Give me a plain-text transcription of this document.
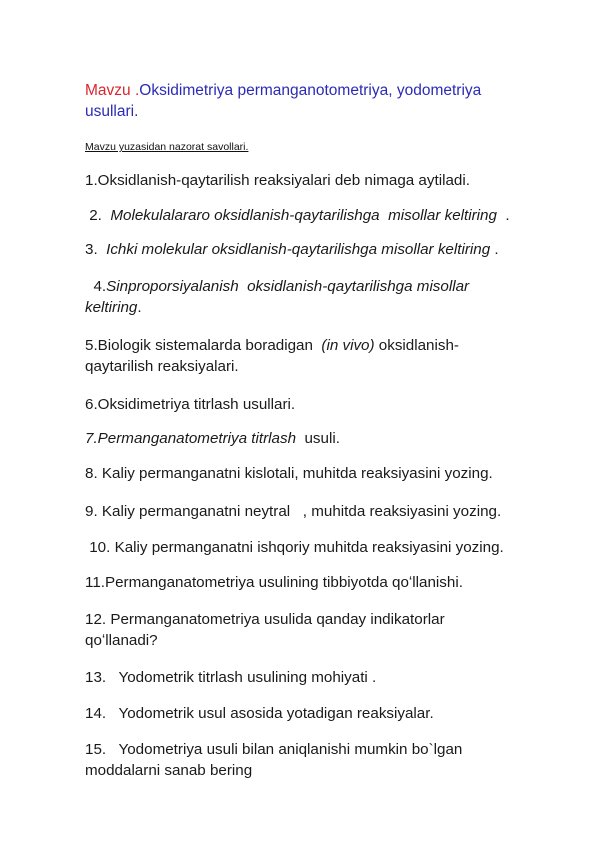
Mavzu .Oksidimetriya permanganotometriya, yodometriya usullari.
Mavzu yuzasidan nazorat savollari.

1.Oksidlanish-qaytarilish reaksiyalari deb nimaga aytiladi.

2.  Molekulalararo oksidlanish-qaytarilishga  misollar keltiring  .

3.  Ichki molekular oksidlanish-qaytarilishga misollar keltiring .

4.Sinproporsiyalanish  oksidlanish-qaytarilishga misollar keltiring.

5.Biologik sistemalarda boradigan  (in vivo) oksidlanish-qaytarilish reaksiyalari.

6.Oksidimetriya titrlash usullari.

7.Permanganatometriya titrlash  usuli.

8. Kaliy permanganatni kislotali, muhitda reaksiyasini yozing.

9. Kaliy permanganatni neytral   , muhitda reaksiyasini yozing.

10. Kaliy permanganatni ishqoriy muhitda reaksiyasini yozing.

11.Permanganatometriya usulining tibbiyotda qoʻllanishi.

12. Permanganatometriya usulida qanday indikatorlar qoʻllanadi?

13.   Yodometrik titrlash usulining mohiyati .

14.   Yodometrik usul asosida yotadigan reaksiyalar.

15.   Yodometriya usuli bilan aniqlanishi mumkin bo`lgan moddalarni sanab bering
